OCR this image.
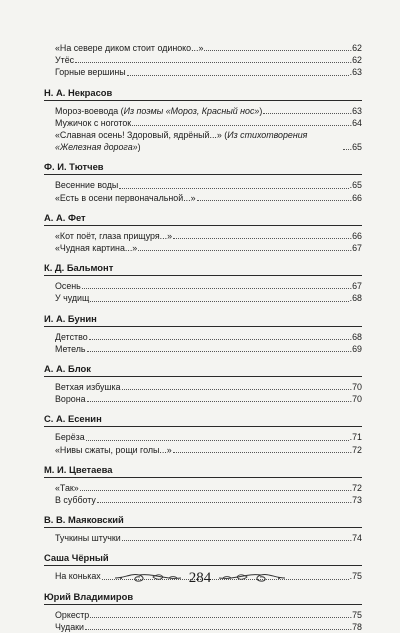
«На севере диком стоит одиноко...»	.62
Утёс	.62
Горные вершины	.63
Н. А. Некрасов
Мороз-воевода (Из поэмы «Мороз, Красный нос»)	.63
Мужичок с ноготок	.64
«Славная осень! Здоровый, ядрёный...» (Из стихотворения «Железная дорога»)	.65
Ф. И. Тютчев
Весенние воды	.65
«Есть в осени первоначальной...»	.66
А. А. Фет
«Кот поёт, глаза прищуря...»	.66
«Чудная картина...»	.67
К. Д. Бальмонт
Осень	.67
У чудищ	.68
И. А. Бунин
Детство	.68
Метель	.69
А. А. Блок
Ветхая избушка	.70
Ворона	.70
С. А. Есенин
Берёза	.71
«Нивы сжаты, рощи голы...»	.72
М. И. Цветаева
«Так»	.72
В субботу	.73
В. В. Маяковский
Тучкины штучки	.74
Саша Чёрный
На коньках	.75
Юрий Владимиров
Оркестр	.75
Чудаки	.78
284
